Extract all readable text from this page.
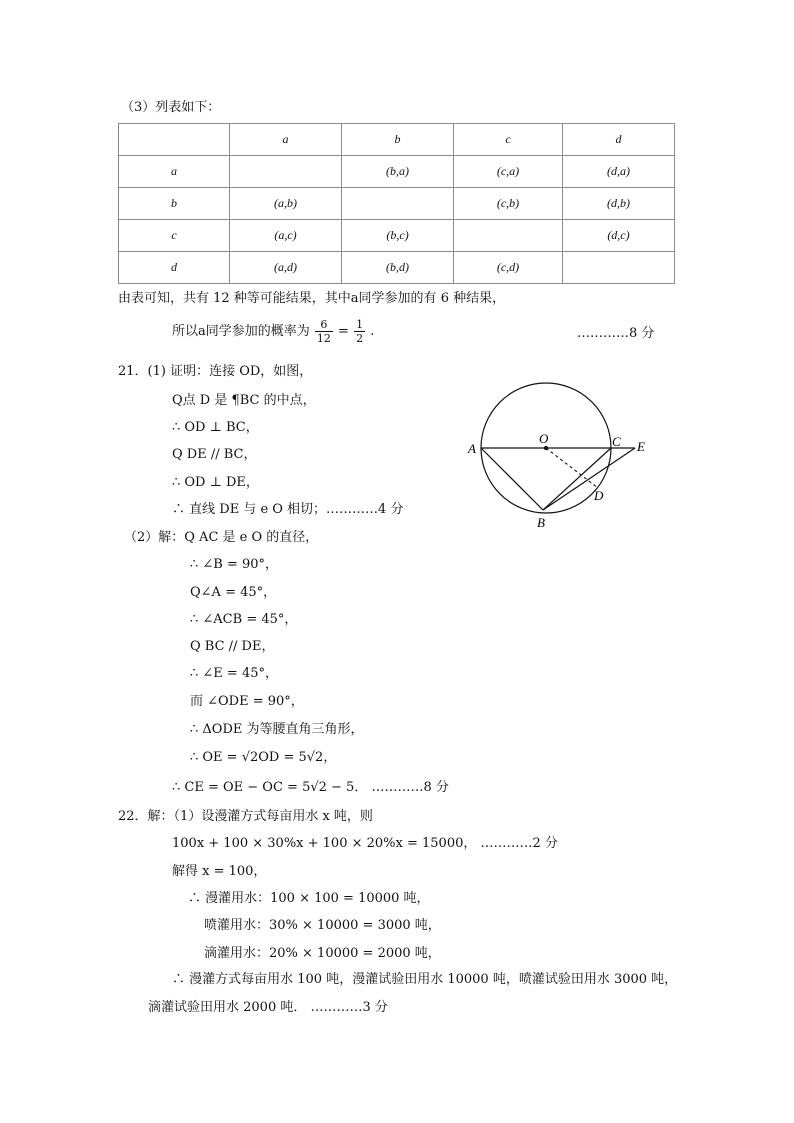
（3）列表如下：
	a	b	c	d
a		(b,a)	(c,a)	(d,a)
b	(a,b)		(c,b)	(d,b)
c	(a,c)	(b,c)		(d,c)
d	(a,d)	(b,d)	(c,d)	
由表可知，共有 12 种等可能结果，其中a同学参加的有 6 种结果，
所以a同学参加的概率为 $\frac{6}{12} = \frac{1}{2}$ .	…………8 分
21．(1) 证明：连接 OD，如图，
Q点 D 是 ¶BC 的中点，
∴ OD ⊥ BC，
Q DE // BC，
∴ OD ⊥ DE，
∴ 直线 DE 与 e O 相切；…………4 分
（2）解：Q AC 是 e O 的直径，
∴ ∠B = 90°，
Q∠A = 45°，
∴ ∠ACB = 45°，
Q BC // DE，
∴ ∠E = 45°，
而 ∠ODE = 90°，
∴ ΔODE 为等腰直角三角形，
∴ OE = √2OD = 5√2，
∴ CE = OE − OC = 5√2 − 5． …………8 分
A
O	C E
D
B
22．解：（1）设漫灌方式每亩用水 x 吨，则
100x + 100 × 30%x + 100 × 20%x = 15000， …………2 分
解得 x = 100，
∴ 漫灌用水：100 × 100 = 10000 吨，
喷灌用水：30% × 10000 = 3000 吨，
滴灌用水：20% × 10000 = 2000 吨，
∴ 漫灌方式每亩用水 100 吨，漫灌试验田用水 10000 吨，喷灌试验田用水 3000 吨，
滴灌试验田用水 2000 吨． …………3 分
